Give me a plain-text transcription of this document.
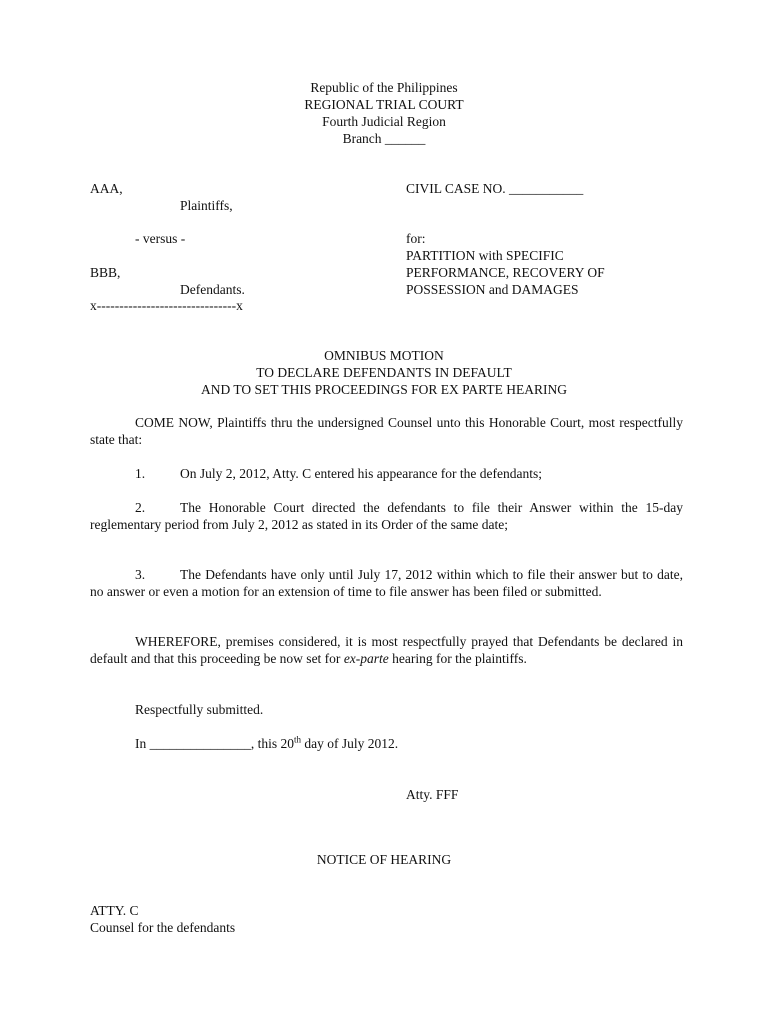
Republic of the Philippines
REGIONAL TRIAL COURT
Fourth Judicial Region
Branch ______
AAA,
Plaintiffs,
- versus -
BBB,
Defendants.
x-------------------------------x
CIVIL CASE NO. ___________
for:
PARTITION with SPECIFIC
PERFORMANCE, RECOVERY OF
POSSESSION and DAMAGES
OMNIBUS MOTION
TO DECLARE DEFENDANTS IN DEFAULT
AND TO SET THIS PROCEEDINGS FOR EX PARTE HEARING
COME NOW, Plaintiffs thru the undersigned Counsel unto this Honorable Court, most respectfully state that:
1.	On July 2, 2012, Atty. C entered his appearance for the defendants;
2.	The Honorable Court directed the defendants to file their Answer within the 15-day reglementary period from July 2, 2012 as stated in its Order of the same date;
3.	The Defendants have only until July 17, 2012 within which to file their answer but to date, no answer or even a motion for an extension of time to file answer has been filed or submitted.
WHEREFORE, premises considered, it is most respectfully prayed that Defendants be declared in default and that this proceeding be now set for ex-parte hearing for the plaintiffs.
Respectfully submitted.
In _______________, this 20th day of July 2012.
Atty. FFF
NOTICE OF HEARING
ATTY. C
Counsel for the defendants
